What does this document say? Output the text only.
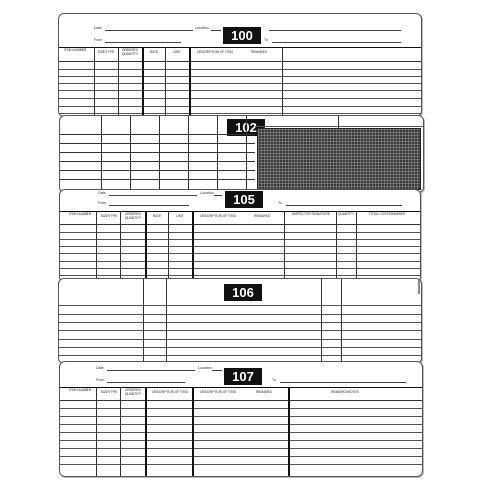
100
Date	Location
From	To
ITEM NUMBER	SIZE/TYPE	ORDERED QUANTITY	RATE	UNIT	DESCRIPTION OF ITEM	REMARKS
102
105
Date	Location
From	To
ITEM NUMBER	SIZE/TYPE	ORDERED QUANTITY	RATE	UNIT	DESCRIPTION OF ITEM	REMARKS	INSPECTOR SIGNATURE	QUANTITY	TOTAL COST/REMARKS
106
107
Date	Location
From	To
ITEM NUMBER	SIZE/TYPE	ORDERED QUANTITY	DESCRIPTION OF ITEM	DESCRIPTION OF ITEM	REMARKS	REMARKS/NOTES
